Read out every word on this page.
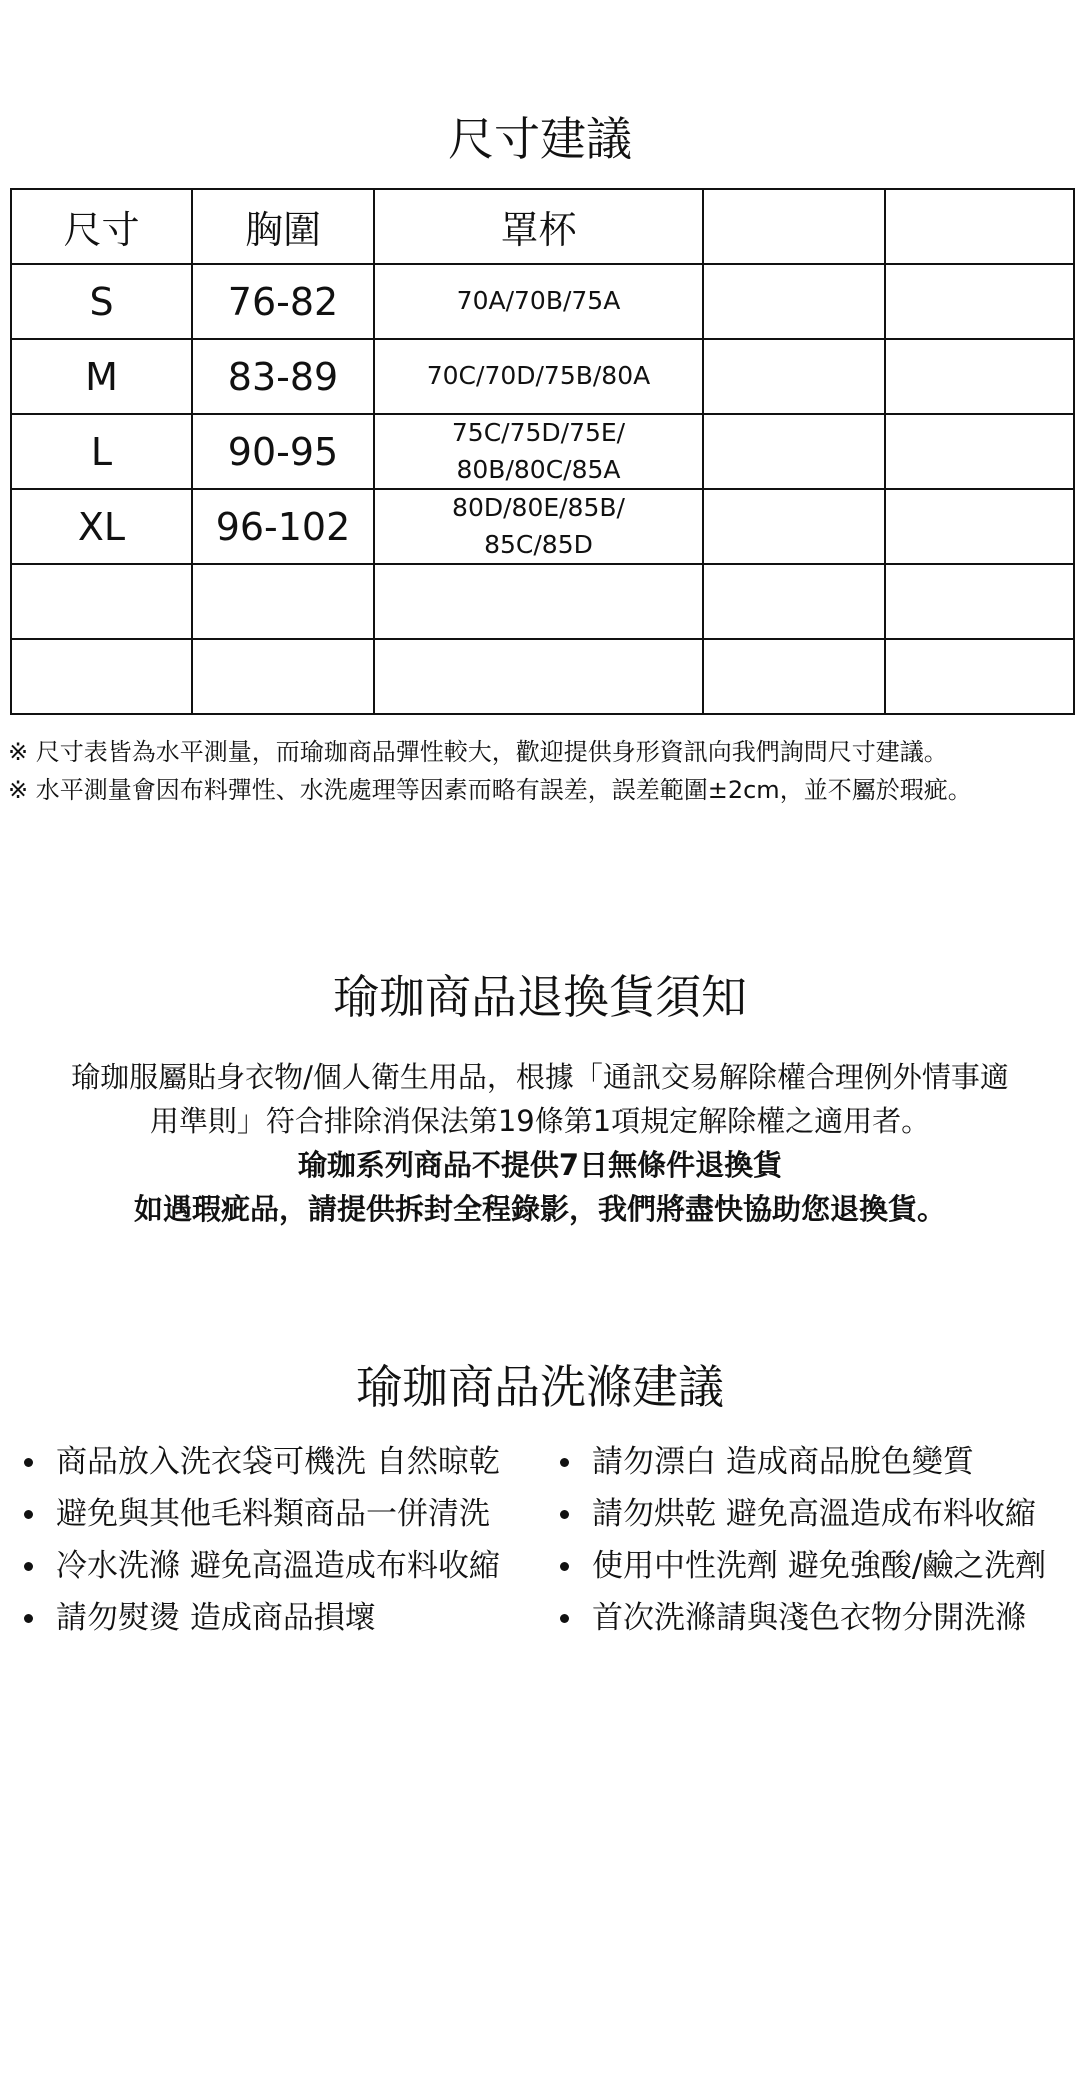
尺寸建議
尺寸	胸圍	罩杯		
S	76-82	70A/70B/75A		
M	83-89	70C/70D/75B/80A		
L	90-95	75C/75D/75E/
80B/80C/85A		
XL	96-102	80D/80E/85B/
85C/85D		

※ 尺寸表皆為水平測量，而瑜珈商品彈性較大，歡迎提供身形資訊向我們詢問尺寸建議。

※ 水平測量會因布料彈性、水洗處理等因素而略有誤差，誤差範圍±2cm，並不屬於瑕疵。

瑜珈商品退換貨須知

瑜珈服屬貼身衣物/個人衛生用品，根據「通訊交易解除權合理例外情事適

用準則」符合排除消保法第19條第1項規定解除權之適用者。

瑜珈系列商品不提供7日無條件退換貨

如遇瑕疵品，請提供拆封全程錄影，我們將盡快協助您退換貨。

瑜珈商品洗滌建議
商品放入洗衣袋可機洗 自然晾乾
避免與其他毛料類商品一併清洗
冷水洗滌 避免高溫造成布料收縮
請勿熨燙 造成商品損壞
請勿漂白 造成商品脫色變質
請勿烘乾 避免高溫造成布料收縮
使用中性洗劑 避免強酸/鹼之洗劑
首次洗滌請與淺色衣物分開洗滌
